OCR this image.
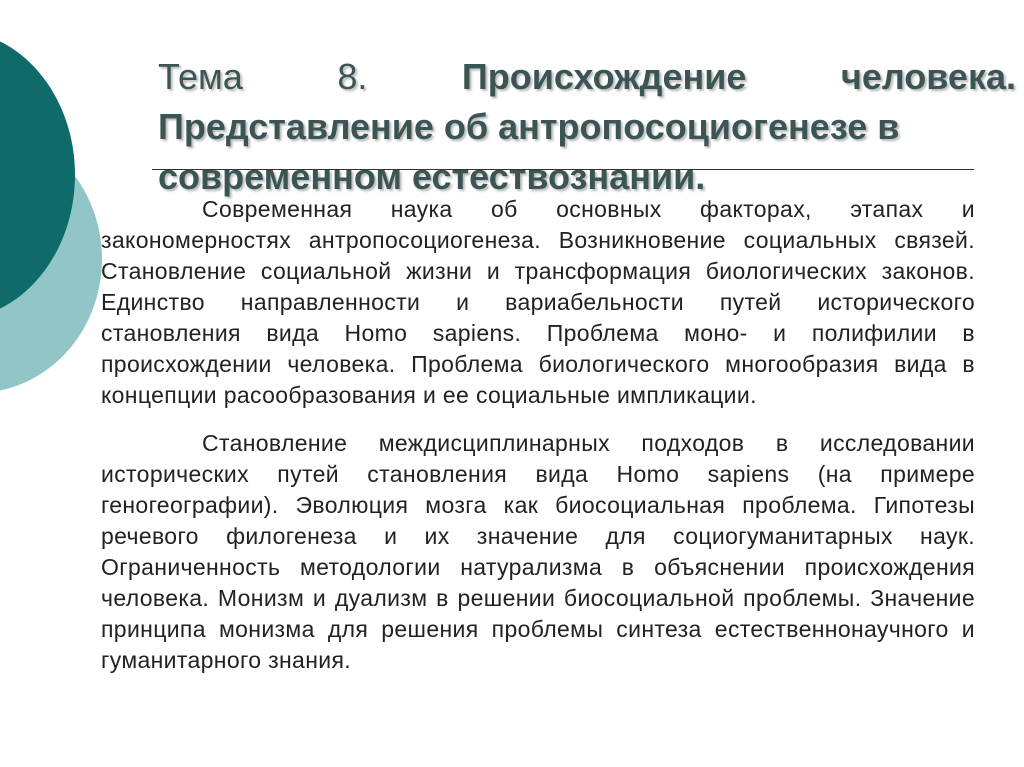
Тема	8.	Происхождение	человека.
Представление об антропосоциогенезе в
современном естествознании.

Современная наука об основных факторах, этапах и закономерностях антропосоциогенеза. Возникновение социальных связей. Становление социальной жизни и трансформация биологических законов. Единство направленности и вариабельности путей исторического становления вида Homo sapiens. Проблема моно- и полифилии в происхождении человека. Проблема биологического многообразия вида в концепции расообразования и ее социальные импликации.

Становление междисциплинарных подходов в исследовании исторических путей становления вида Homo sapiens (на примере геногеографии). Эволюция мозга как биосоциальная проблема. Гипотезы речевого филогенеза и их значение для социогуманитарных наук. Ограниченность методологии натурализма в объяснении происхождения человека. Монизм и дуализм в решении биосоциальной проблемы. Значение принципа монизма для решения проблемы синтеза естественнонаучного и гуманитарного знания.
